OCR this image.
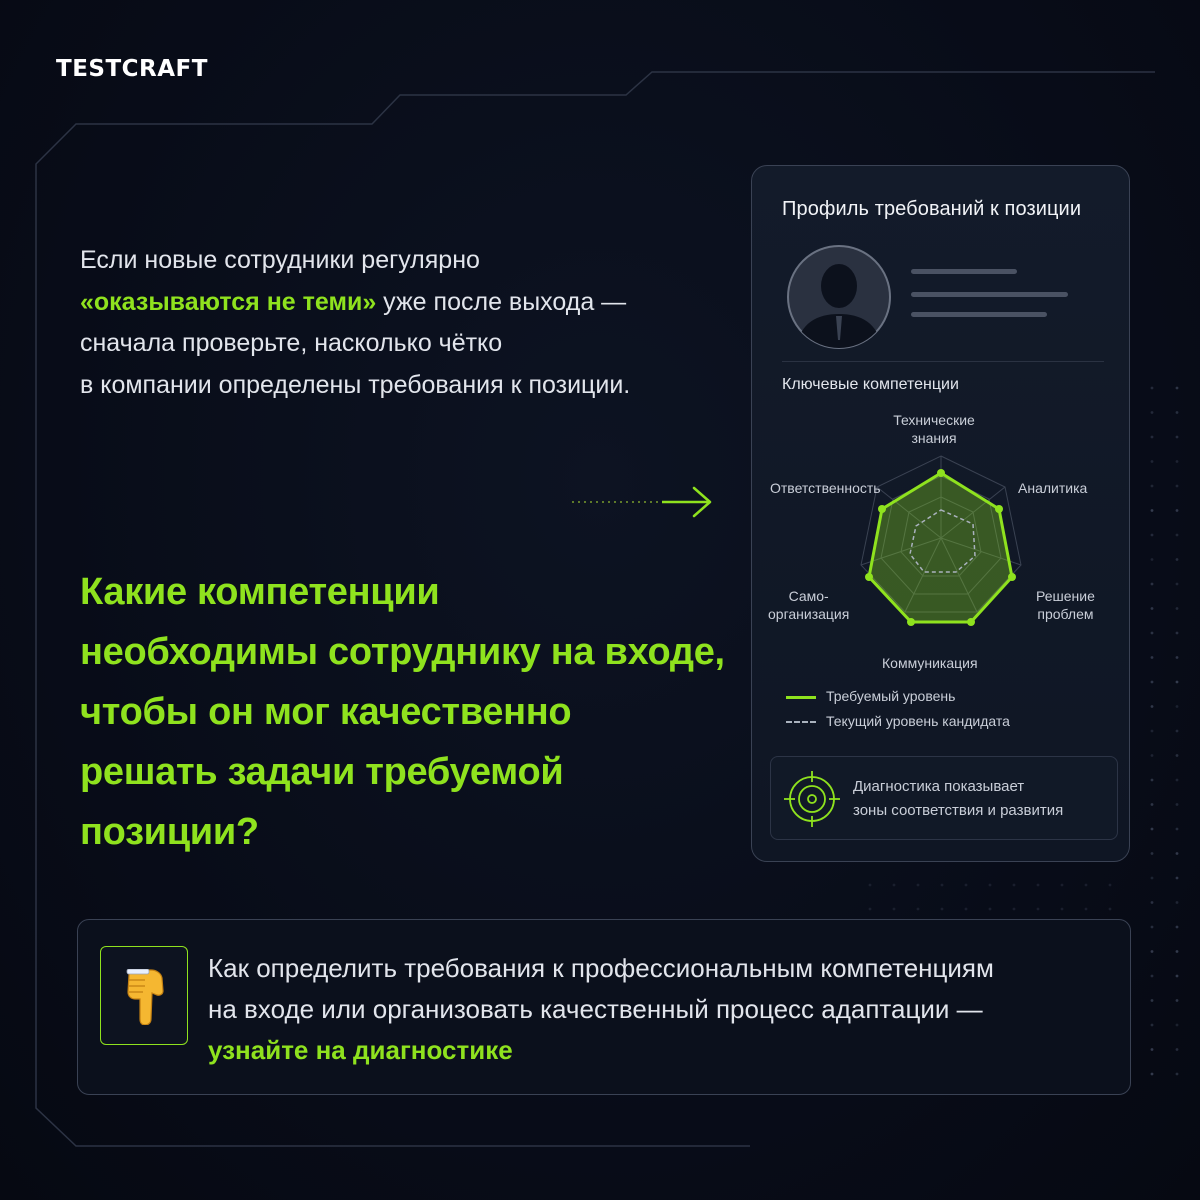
TESTCRAFT
Если новые сотрудники регулярно
«оказываются не теми» уже после выхода —
сначала проверьте, насколько чётко
в компании определены требования к позиции.
Какие компетенции
необходимы сотруднику на входе,
чтобы он мог качественно
решать задачи требуемой позиции?
Профиль требований к позиции
Ключевые компетенции
Технические
знания
Аналитика
Решение
проблем
Коммуникация
Само-
организация
Ответственность
Требуемый уровень
Текущий уровень кандидата
Диагностика показывает
зоны соответствия и развития
Как определить требования к профессиональным компетенциям
на входе или организовать качественный процесс адаптации —
узнайте на диагностике
